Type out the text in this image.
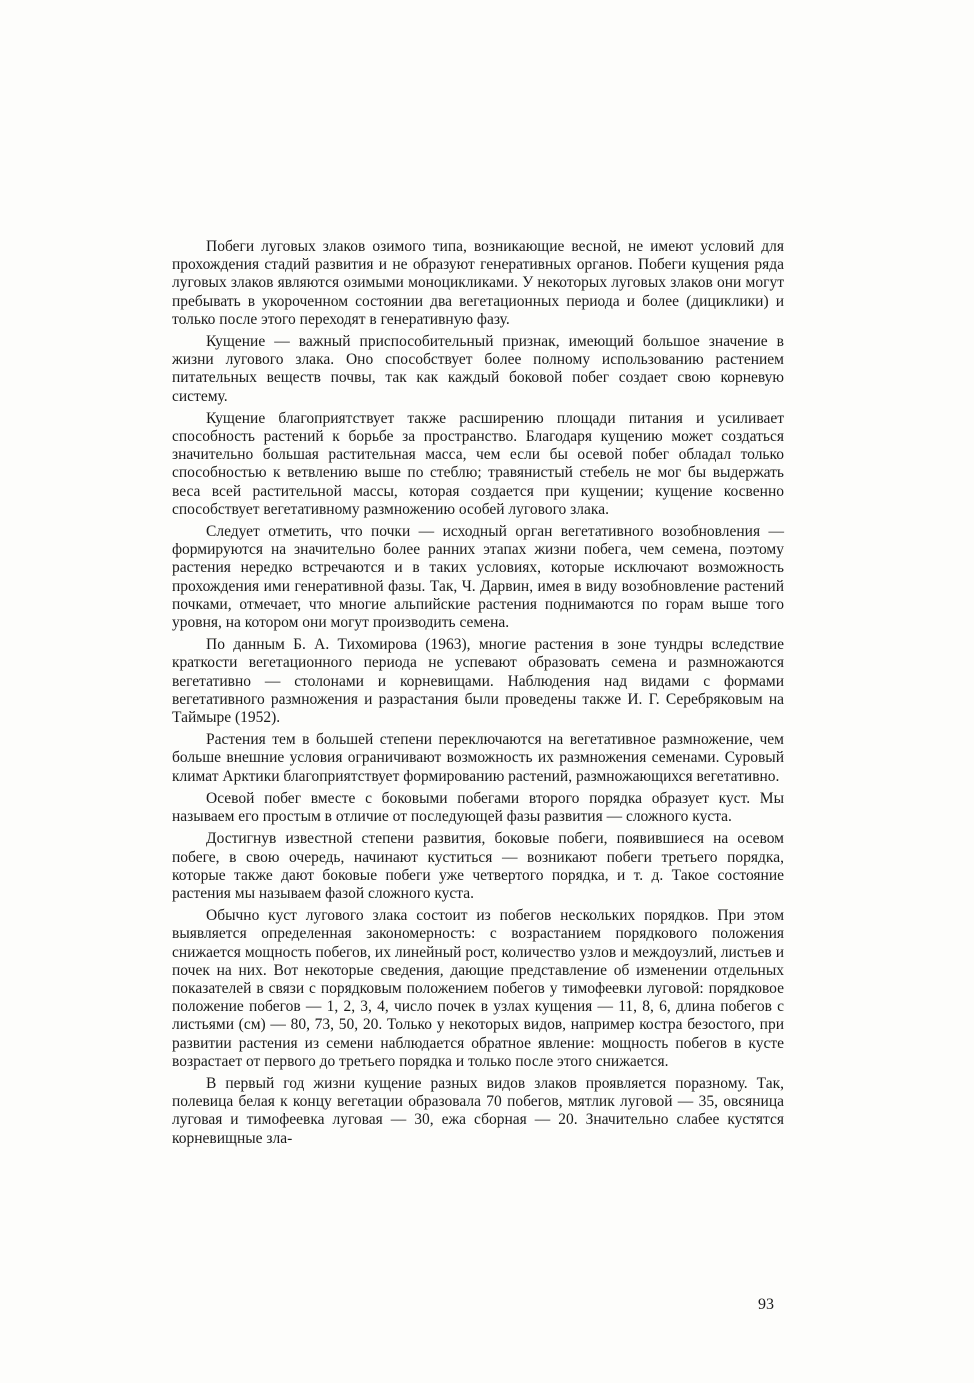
Побеги луговых злаков озимого типа, возникающие весной, не имеют условий для прохождения стадий развития и не образуют генеративных органов. Побеги кущения ряда луговых злаков являются озимыми моноцикликами. У некоторых луговых злаков они могут пребывать в укороченном состоянии два вегетационных периода и более (дициклики) и только после этого переходят в генеративную фазу.

Кущение — важный приспособительный признак, имеющий большое значение в жизни лугового злака. Оно способствует более полному использованию растением питательных веществ почвы, так как каждый боковой побег создает свою корневую систему.

Кущение благоприятствует также расширению площади питания и усиливает способность растений к борьбе за пространство. Благодаря кущению может создаться значительно большая растительная масса, чем если бы осевой побег обладал только способностью к ветвлению выше по стеблю; травянистый стебель не мог бы выдержать веса всей растительной массы, которая создается при кущении; кущение косвенно способствует вегетативному размножению особей лугового злака.

Следует отметить, что почки — исходный орган вегетативного возобновления — формируются на значительно более ранних этапах жизни побега, чем семена, поэтому растения нередко встречаются и в таких условиях, которые исключают возможность прохождения ими генеративной фазы. Так, Ч. Дарвин, имея в виду возобновление растений почками, отмечает, что многие альпийские растения поднимаются по горам выше того уровня, на котором они могут производить семена.

По данным Б. А. Тихомирова (1963), многие растения в зоне тундры вследствие краткости вегетационного периода не успевают образовать семена и размножаются вегетативно — столонами и корневищами. Наблюдения над видами с формами вегетативного размножения и разрастания были проведены также И. Г. Серебряковым на Таймыре (1952).

Растения тем в большей степени переключаются на вегетативное размножение, чем больше внешние условия ограничивают возможность их размножения семенами. Суровый климат Арктики благоприятствует формированию растений, размножающихся вегетативно.

Осевой побег вместе с боковыми побегами второго порядка образует куст. Мы называем его простым в отличие от последующей фазы развития — сложного куста.

Достигнув известной степени развития, боковые побеги, появившиеся на осевом побеге, в свою очередь, начинают куститься — возникают побеги третьего порядка, которые также дают боковые побеги уже четвертого порядка, и т. д. Такое состояние растения мы называем фазой сложного куста.

Обычно куст лугового злака состоит из побегов нескольких порядков. При этом выявляется определенная закономерность: с возрастанием порядкового положения снижается мощность побегов, их линейный рост, количество узлов и междоузлий, листьев и почек на них. Вот некоторые сведения, дающие представление об изменении отдельных показателей в связи с порядковым положением побегов у тимофеевки луговой: порядковое положение побегов — 1, 2, 3, 4, число почек в узлах кущения — 11, 8, 6, длина побегов с листьями (см) — 80, 73, 50, 20. Только у некоторых видов, например костра безостого, при развитии растения из семени наблюдается обратное явление: мощность побегов в кусте возрастает от первого до третьего порядка и только после этого снижается.

В первый год жизни кущение разных видов злаков проявляется поразному. Так, полевица белая к концу вегетации образовала 70 побегов, мятлик луговой — 35, овсяница луговая и тимофеевка луговая — 30, ежа сборная — 20. Значительно слабее кустятся корневищные зла-

93
